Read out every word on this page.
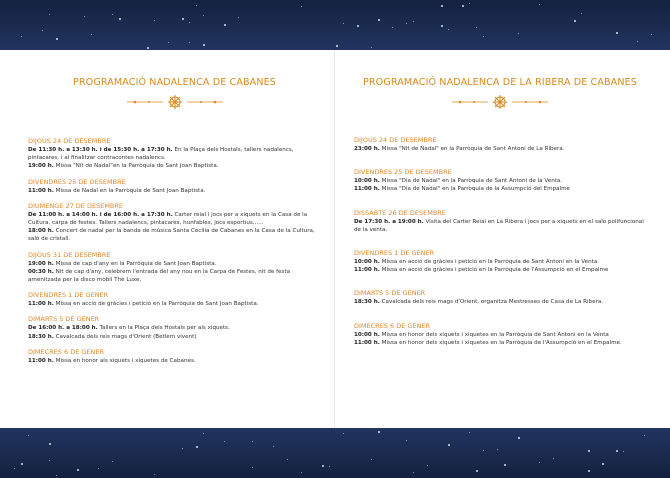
PROGRAMACIÓ NADALENCA DE CABANES
DIJOUS 24 DE DESEMBRE
De 11:30 h. a 13:30 h. i de 15:30 h. a 17:30 h. En la Plaça dels Hostals, tallers nadalencs, pintacares, i al finalitzar contracontes nadalencs.
19:00 h. Missa "Nit de Nadal"en la Parròquia de Sant Joan Baptista.
DIVENDRES 25 DE DESEMBRE
11:00 h. Missa de Nadal en la Parròquia de Sant Joan Baptista.
DIUMENGE 27 DE DESEMBRE
De 11:00 h. a 14:00 h. i de 16:00 h. a 17:30 h. Carter reial i jocs per a xiquets en la Casa de la Cultura, carpa de festes. Tallers nadalencs, pintacares, hunfables, jocs esportius......
18:00 h. Concert de nadal per la banda de música Santa Cecília de Cabanes en la Casa de la Cultura, saló de cristall.
DIJOUS 31 DE DESEMBRE
19:00 h. Missa de cap d'any en la Parròquia de Sant Joan Baptista.
00:30 h. Nit de cap d'any, celebrem l'entrada del any nou en la Carpa de Festes, nit de festa amenitzada per la disco mòbil The Luxe.
DIVENDRES 1 DE GENER
11:00 h. Missa en acció de gràcies i petició en la Parròquia de Sant Joan Baptista.
DIMARTS 5 DE GENER
De 16:00 h. a 18:00 h. Tallers en la Plaça dels Hostals per als xiquets.
18:30 h. Cavalcada dels reis mags d'Orient (Betlem vivent)
DIMECRES 6 DE GENER
11:00 h. Missa en honor als xiquets i xiquetes de Cabanes.
PROGRAMACIÓ NADALENCA DE LA RIBERA DE CABANES
DIJOUS 24 DE DESEMBRE
23:00 h. Missa "Nit de Nadal" en la Parròquia de Sant Antoni de La Ribera.
DIVENDRES 25 DE DESEMBRE
10:00 h. Missa "Dia de Nadal" en la Parròquia de Sant Antoni de la Venta.
11:00 h. Missa "Dia de Nadal" en la Parròquia de la Assumpció del Empalme
DISSABTE 26 DE DESEMBRE
De 17:30 h. a 19:00 h. Visita del Carter Reial en La Ribera i jocs per a xiquets en el salo polifuncional de la venta.
DIVENDRES 1 DE GENER
10:00 h. Missa en acció de gràcies i petició en la Parròquia de Sant Antoni en la Venta.
11:00 h. Missa en acció de gràcies i petició en la Parròquia de l'Assumpció en el Empalme
DIMARTS 5 DE GENER
18:30 h. Cavalcada dels reis mags d'Orient, organitza Mestresses de Casa de La Ribera.
DIMECRES 6 DE GENER
10:00 h. Missa en honor dels xiquets i xiquetes en la Parròquia de Sant Antoni en la Venta
11:00 h. Missa en honor dels xiquets i xiquetes en la Parròquia de l'Assumpció en el Empalme.
